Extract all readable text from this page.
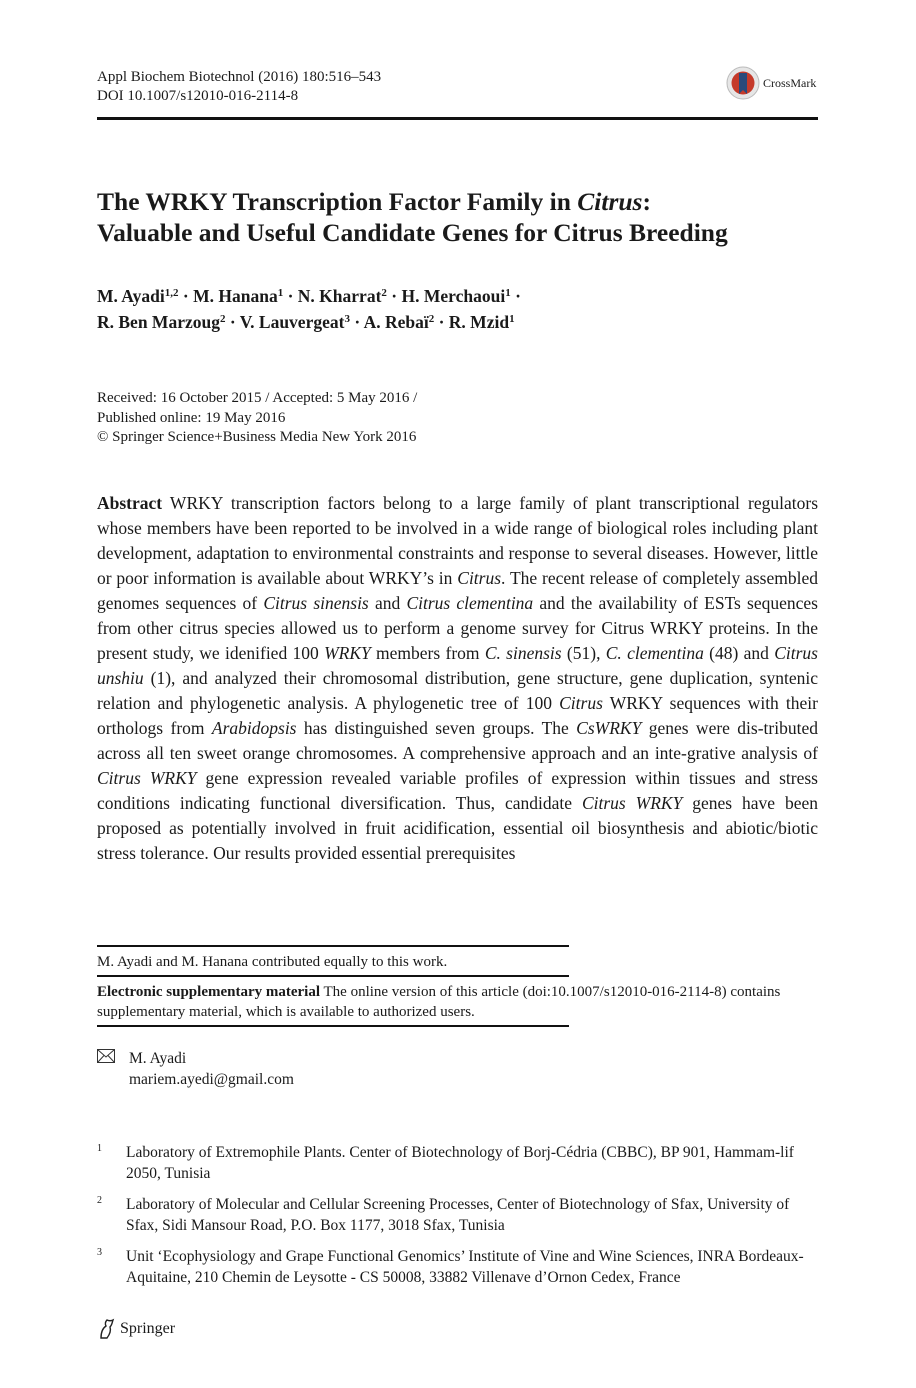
Appl Biochem Biotechnol (2016) 180:516–543
DOI 10.1007/s12010-016-2114-8
CrossMark
The WRKY Transcription Factor Family in Citrus:
Valuable and Useful Candidate Genes for Citrus Breeding
M. Ayadi$^{1,2}$ · M. Hanana$^1$ · N. Kharrat$^2$ · H. Merchaoui$^1$ ·
R. Ben Marzoug$^2$ · V. Lauvergeat$^3$ · A. Rebaï$^2$ · R. Mzid$^1$
Received: 16 October 2015 / Accepted: 5 May 2016 /
Published online: 19 May 2016
© Springer Science+Business Media New York 2016
Abstract WRKY transcription factors belong to a large family of plant transcriptional regulators whose members have been reported to be involved in a wide range of biological roles including plant development, adaptation to environmental constraints and response to several diseases. However, little or poor information is available about WRKY’s in Citrus. The recent release of completely assembled genomes sequences of Citrus sinensis and Citrus clementina and the availability of ESTs sequences from other citrus species allowed us to perform a genome survey for Citrus WRKY proteins. In the present study, we idenified 100 WRKY members from C. sinensis (51), C. clementina (48) and Citrus unshiu (1), and analyzed their chromosomal distribution, gene structure, gene duplication, syntenic relation and phylogenetic analysis. A phylogenetic tree of 100 Citrus WRKY sequences with their orthologs from Arabidopsis has distinguished seven groups. The CsWRKY genes were dis-tributed across all ten sweet orange chromosomes. A comprehensive approach and an inte-grative analysis of Citrus WRKY gene expression revealed variable profiles of expression within tissues and stress conditions indicating functional diversification. Thus, candidate Citrus WRKY genes have been proposed as potentially involved in fruit acidification, essential oil biosynthesis and abiotic/biotic stress tolerance. Our results provided essential prerequisites
M. Ayadi and M. Hanana contributed equally to this work.
Electronic supplementary material The online version of this article (doi:10.1007/s12010-016-2114-8) contains supplementary material, which is available to authorized users.
M. Ayadi
mariem.ayedi@gmail.com
1	Laboratory of Extremophile Plants. Center of Biotechnology of Borj-Cédria (CBBC), BP 901, Hammam-lif 2050, Tunisia
2	Laboratory of Molecular and Cellular Screening Processes, Center of Biotechnology of Sfax, University of Sfax, Sidi Mansour Road, P.O. Box 1177, 3018 Sfax, Tunisia
3	Unit ‘Ecophysiology and Grape Functional Genomics’ Institute of Vine and Wine Sciences, INRA Bordeaux-Aquitaine, 210 Chemin de Leysotte - CS 50008, 33882 Villenave d’Ornon Cedex, France
Springer
